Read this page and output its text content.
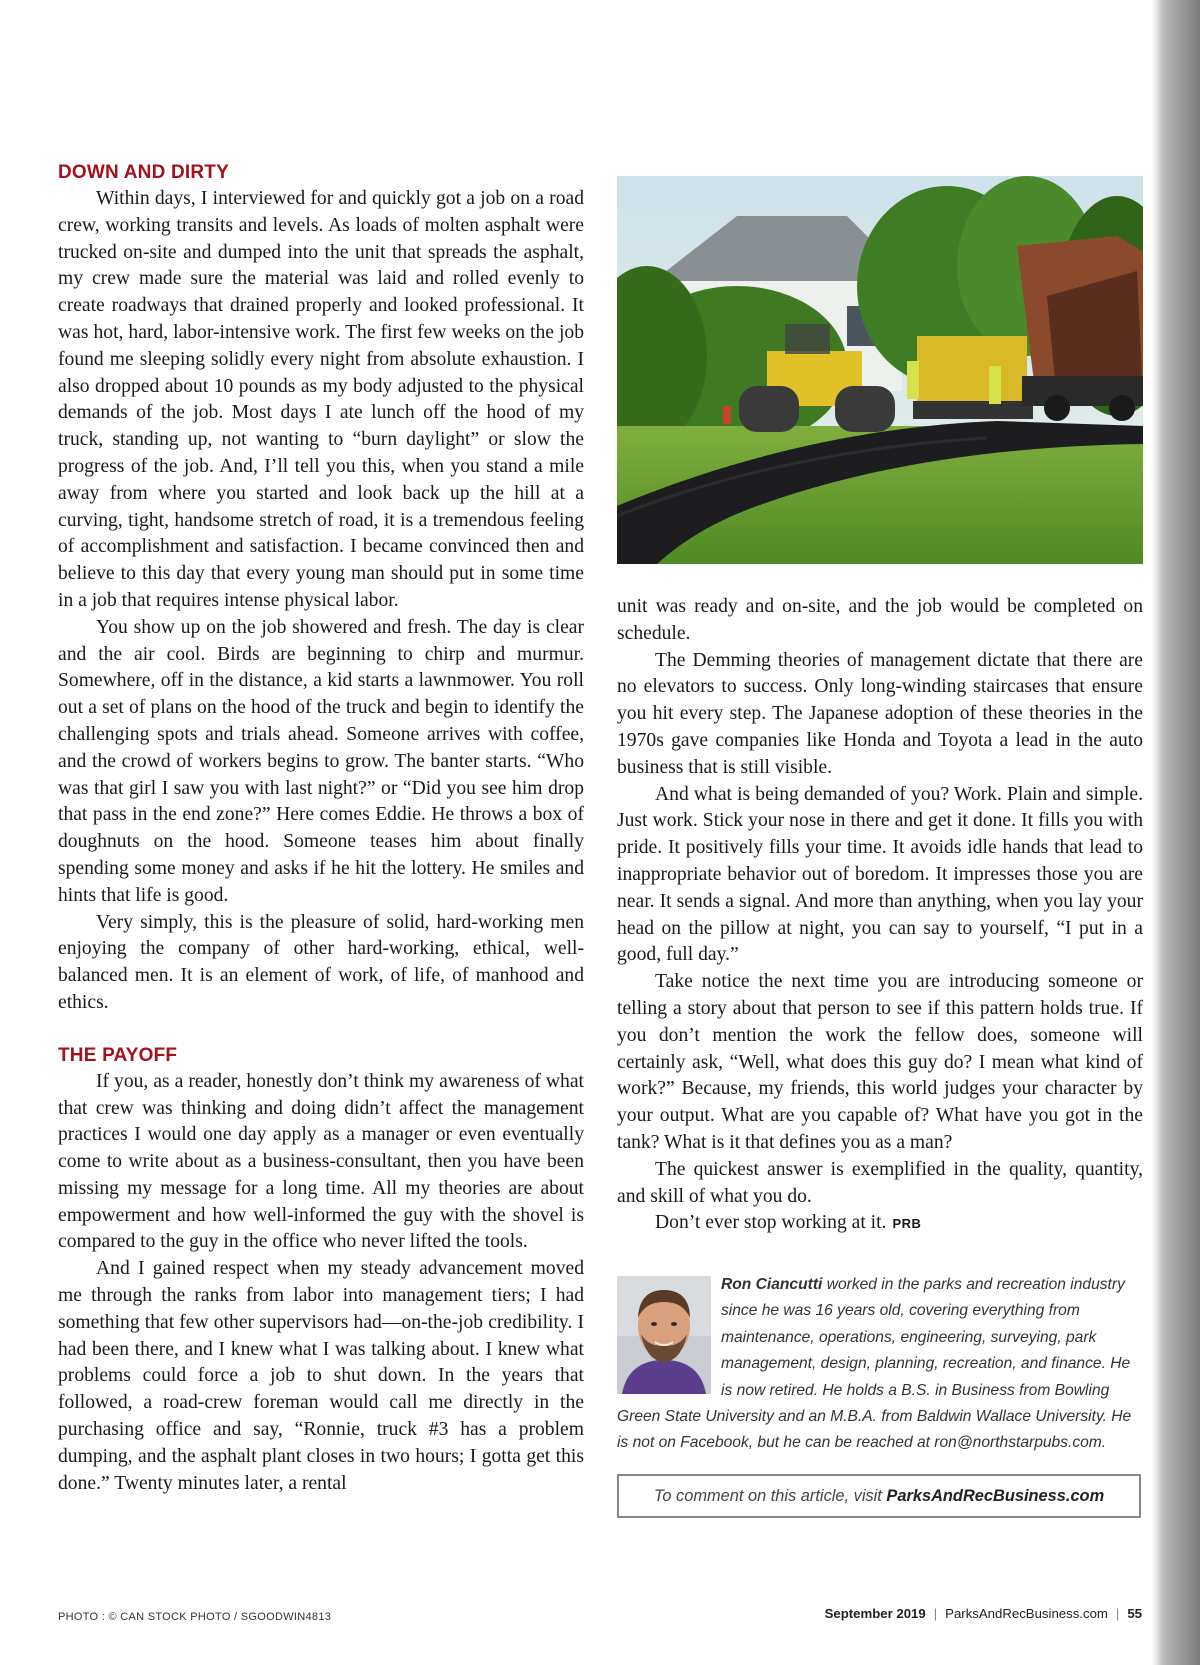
DOWN AND DIRTY

Within days, I interviewed for and quickly got a job on a road crew, working transits and levels. As loads of molten asphalt were trucked on-site and dumped into the unit that spreads the asphalt, my crew made sure the material was laid and rolled evenly to create roadways that drained properly and looked professional. It was hot, hard, labor-intensive work. The first few weeks on the job found me sleeping solidly every night from absolute exhaustion. I also dropped about 10 pounds as my body adjusted to the physical demands of the job. Most days I ate lunch off the hood of my truck, standing up, not wanting to “burn daylight” or slow the progress of the job. And, I’ll tell you this, when you stand a mile away from where you started and look back up the hill at a curving, tight, handsome stretch of road, it is a tremendous feeling of accomplishment and satisfaction. I became convinced then and believe to this day that every young man should put in some time in a job that requires intense physical labor.

You show up on the job showered and fresh. The day is clear and the air cool. Birds are beginning to chirp and murmur. Somewhere, off in the distance, a kid starts a lawnmower. You roll out a set of plans on the hood of the truck and begin to identify the challenging spots and trials ahead. Someone arrives with coffee, and the crowd of workers begins to grow. The banter starts. “Who was that girl I saw you with last night?” or “Did you see him drop that pass in the end zone?” Here comes Eddie. He throws a box of doughnuts on the hood. Someone teases him about finally spending some money and asks if he hit the lottery. He smiles and hints that life is good.

Very simply, this is the pleasure of solid, hard-working men enjoying the company of other hard-working, ethical, well-balanced men. It is an element of work, of life, of manhood and ethics.

THE PAYOFF

If you, as a reader, honestly don’t think my awareness of what that crew was thinking and doing didn’t affect the management practices I would one day apply as a manager or even eventually come to write about as a business-consultant, then you have been missing my message for a long time. All my theories are about empowerment and how well-informed the guy with the shovel is compared to the guy in the office who never lifted the tools.

And I gained respect when my steady advancement moved me through the ranks from labor into management tiers; I had something that few other supervisors had—on-the-job credibility. I had been there, and I knew what I was talking about. I knew what problems could force a job to shut down. In the years that followed, a road-crew foreman would call me directly in the purchasing office and say, “Ronnie, truck #3 has a problem dumping, and the asphalt plant closes in two hours; I gotta get this done.” Twenty minutes later, a rental

unit was ready and on-site, and the job would be completed on schedule.

The Demming theories of management dictate that there are no elevators to success. Only long-winding staircases that ensure you hit every step. The Japanese adoption of these theories in the 1970s gave companies like Honda and Toyota a lead in the auto business that is still visible.

And what is being demanded of you? Work. Plain and simple. Just work. Stick your nose in there and get it done. It fills you with pride. It positively fills your time. It avoids idle hands that lead to inappropriate behavior out of boredom. It impresses those you are near. It sends a signal. And more than anything, when you lay your head on the pillow at night, you can say to yourself, “I put in a good, full day.”

Take notice the next time you are introducing someone or telling a story about that person to see if this pattern holds true. If you don’t mention the work the fellow does, someone will certainly ask, “Well, what does this guy do? I mean what kind of work?” Because, my friends, this world judges your character by your output. What are you capable of? What have you got in the tank? What is it that defines you as a man?

The quickest answer is exemplified in the quality, quantity, and skill of what you do.

Don’t ever stop working at it. PRB

Ron Ciancutti worked in the parks and recreation industry since he was 16 years old, covering everything from maintenance, operations, engineering, surveying, park management, design, planning, recreation, and finance. He is now retired. He holds a B.S. in Business from Bowling Green State University and an M.B.A. from Baldwin Wallace University. He is not on Facebook, but he can be reached at ron@northstarpubs.com.
To comment on this article, visit ParksAndRecBusiness.com
PHOTO : © CAN STOCK PHOTO / SGOODWIN4813	September 2019 | ParksAndRecBusiness.com | 55
